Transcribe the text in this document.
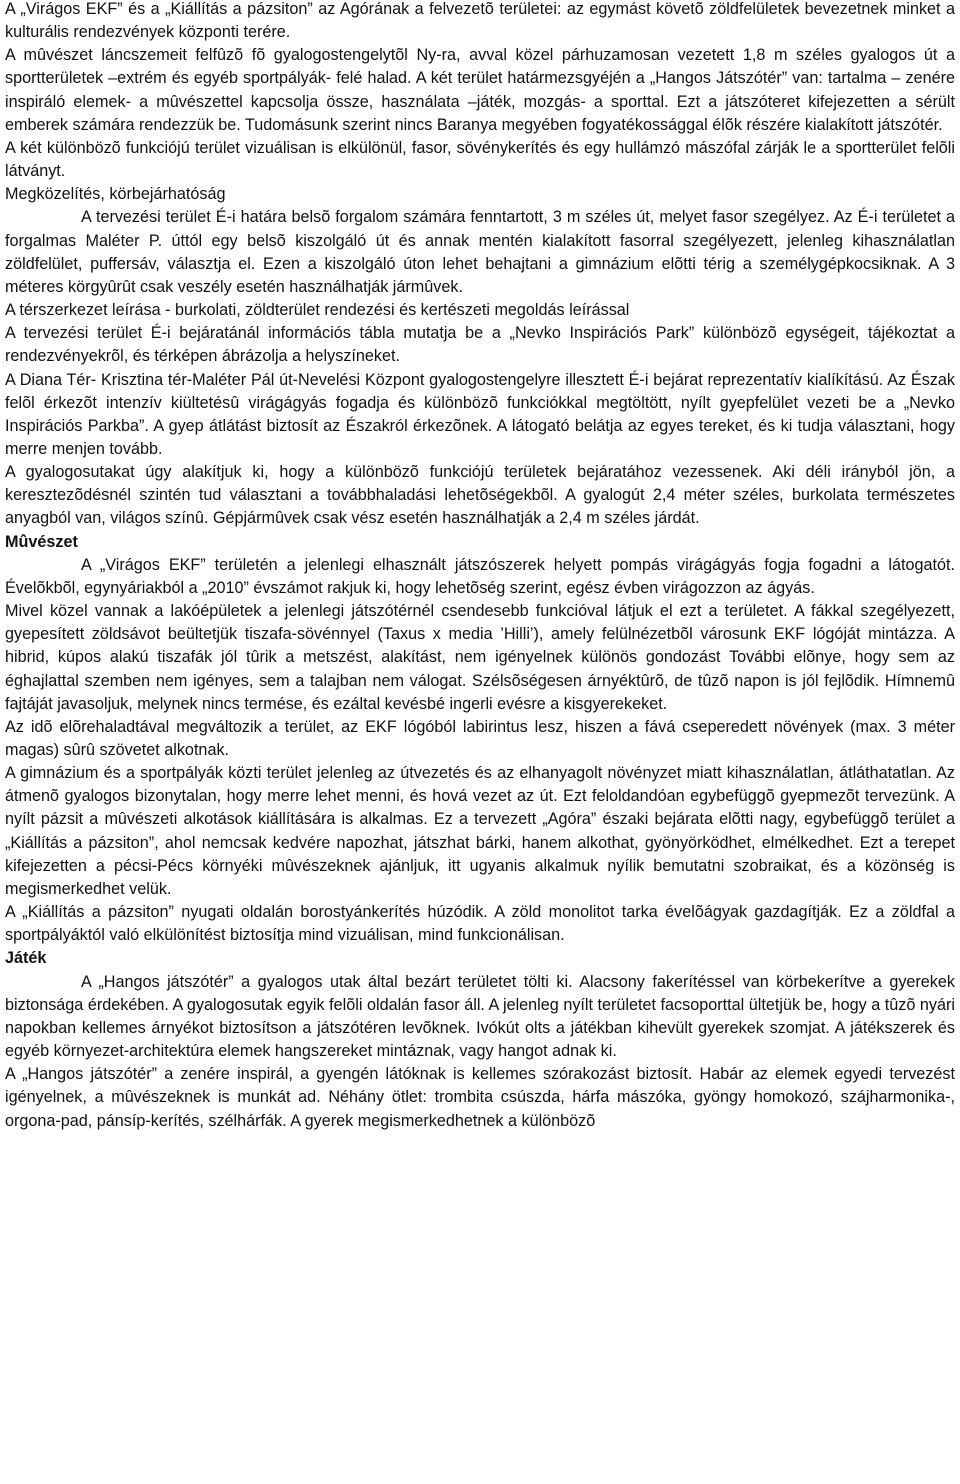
A „Virágos EKF” és a „Kiállítás a pázsiton” az Agórának a felvezetõ területei: az egymást követõ zöldfelületek bevezetnek minket a kulturális rendezvények központi terére.

A mûvészet láncszemeit felfûzõ fõ gyalogostengelytõl Ny-ra, avval közel párhuzamosan vezetett 1,8 m széles gyalogos út a sportterületek –extrém és egyéb sportpályák- felé halad. A két terület határmezsgyéjén a „Hangos Játszótér” van: tartalma – zenére inspiráló elemek- a mûvészettel kapcsolja össze, használata –játék, mozgás- a sporttal. Ezt a játszóteret kifejezetten a sérült emberek számára rendezzük be. Tudomásunk szerint nincs Baranya megyében fogyatékossággal élõk részére kialakított játszótér.

A két különbözõ funkciójú terület vizuálisan is elkülönül, fasor, sövénykerítés és egy hullámzó mászófal zárják le a sportterület felõli látványt.

Megközelítés, körbejárhatóság

A tervezési terület É-i határa belsõ forgalom számára fenntartott, 3 m széles út, melyet fasor szegélyez. Az É-i területet a forgalmas Maléter P. úttól egy belsõ kiszolgáló út és annak mentén kialakított fasorral szegélyezett, jelenleg kihasználatlan zöldfelület, puffersáv, választja el. Ezen a kiszolgáló úton lehet behajtani a gimnázium elõtti térig a személygépkocsiknak. A 3 méteres körgyûrût csak veszély esetén használhatják jármûvek.

A térszerkezet leírása - burkolati, zöldterület rendezési és kertészeti megoldás leírással

A tervezési terület É-i bejáratánál információs tábla mutatja be a „Nevko Inspirációs Park” különbözõ egységeit, tájékoztat a rendezvényekrõl, és térképen ábrázolja a helyszíneket.

A Diana Tér- Krisztina tér-Maléter Pál út-Nevelési Központ gyalogostengelyre illesztett É-i bejárat reprezentatív kialíkítású. Az Észak felõl érkezõt intenzív kiültetésû virágágyás fogadja és különbözõ funkciókkal megtöltött, nyílt gyepfelület vezeti be a „Nevko Inspirációs Parkba”. A gyep átlátást biztosít az Északról érkezõnek. A látogató belátja az egyes tereket, és ki tudja választani, hogy merre menjen tovább.

A gyalogosutakat úgy alakítjuk ki, hogy a különbözõ funkciójú területek bejáratához vezessenek. Aki déli irányból jön, a keresztezõdésnél szintén tud választani a továbbhaladási lehetõségekbõl. A gyalogút 2,4 méter széles, burkolata természetes anyagból van, világos színû. Gépjármûvek csak vész esetén használhatják a 2,4 m széles járdát.

Mûvészet

A „Virágos EKF” területén a jelenlegi elhasznált játszószerek helyett pompás virágágyás fogja fogadni a látogatót. Évelõkbõl, egynyáriakból a „2010” évszámot rakjuk ki, hogy lehetõség szerint, egész évben virágozzon az ágyás.

Mivel közel vannak a lakóépületek a jelenlegi játszótérnél csendesebb funkcióval látjuk el ezt a területet. A fákkal szegélyezett, gyepesített zöldsávot beültetjük tiszafa-sövénnyel (Taxus x media ’Hilli’), amely felülnézetbõl városunk EKF lógóját mintázza. A hibrid, kúpos alakú tiszafák jól tûrik a metszést, alakítást, nem igényelnek különös gondozást További elõnye, hogy sem az éghajlattal szemben nem igényes, sem a talajban nem válogat. Szélsõségesen árnyéktûrõ, de tûzõ napon is jól fejlõdik. Hímnemû fajtáját javasoljuk, melynek nincs termése, és ezáltal kevésbé ingerli evésre a kisgyerekeket.

Az idõ elõrehaladtával megváltozik a terület, az EKF lógóból labirintus lesz, hiszen a fává cseperedett növények (max. 3 méter magas) sûrû szövetet alkotnak.

A gimnázium és a sportpályák közti terület jelenleg az útvezetés és az elhanyagolt növényzet miatt kihasználatlan, átláthatatlan. Az átmenõ gyalogos bizonytalan, hogy merre lehet menni, és hová vezet az út. Ezt feloldandóan egybefüggõ gyepmezõt tervezünk. A nyílt pázsit a mûvészeti alkotások kiállítására is alkalmas. Ez a tervezett „Agóra” északi bejárata elõtti nagy, egybefüggõ terület a „Kiállítás a pázsiton”, ahol nemcsak kedvére napozhat, játszhat bárki, hanem alkothat, gyönyörködhet, elmélkedhet. Ezt a terepet kifejezetten a pécsi-Pécs környéki mûvészeknek ajánljuk, itt ugyanis alkalmuk nyílik bemutatni szobraikat, és a közönség is megismerkedhet velük.

A „Kiállítás a pázsiton” nyugati oldalán borostyánkerítés húzódik. A zöld monolitot tarka évelõágyak gazdagítják. Ez a zöldfal a sportpályáktól való elkülönítést biztosítja mind vizuálisan, mind funkcionálisan.

Játék

A „Hangos játszótér” a gyalogos utak által bezárt területet tölti ki. Alacsony fakerítéssel van körbekerítve a gyerekek biztonsága érdekében. A gyalogosutak egyik felõli oldalán fasor áll. A jelenleg nyílt területet facsoporttal ültetjük be, hogy a tûzõ nyári napokban kellemes árnyékot biztosítson a játszótéren levõknek. Ivókút olts a játékban kihevült gyerekek szomjat. A játékszerek és egyéb környezet-architektúra elemek hangszereket mintáznak, vagy hangot adnak ki.

A „Hangos játszótér” a zenére inspirál, a gyengén látóknak is kellemes szórakozást biztosít. Habár az elemek egyedi tervezést igényelnek, a mûvészeknek is munkát ad. Néhány ötlet: trombita csúszda, hárfa mászóka, gyöngy homokozó, szájharmonika-, orgona-pad, pánsíp-kerítés, szélhárfák. A gyerek megismerkedhetnek a különbözõ
